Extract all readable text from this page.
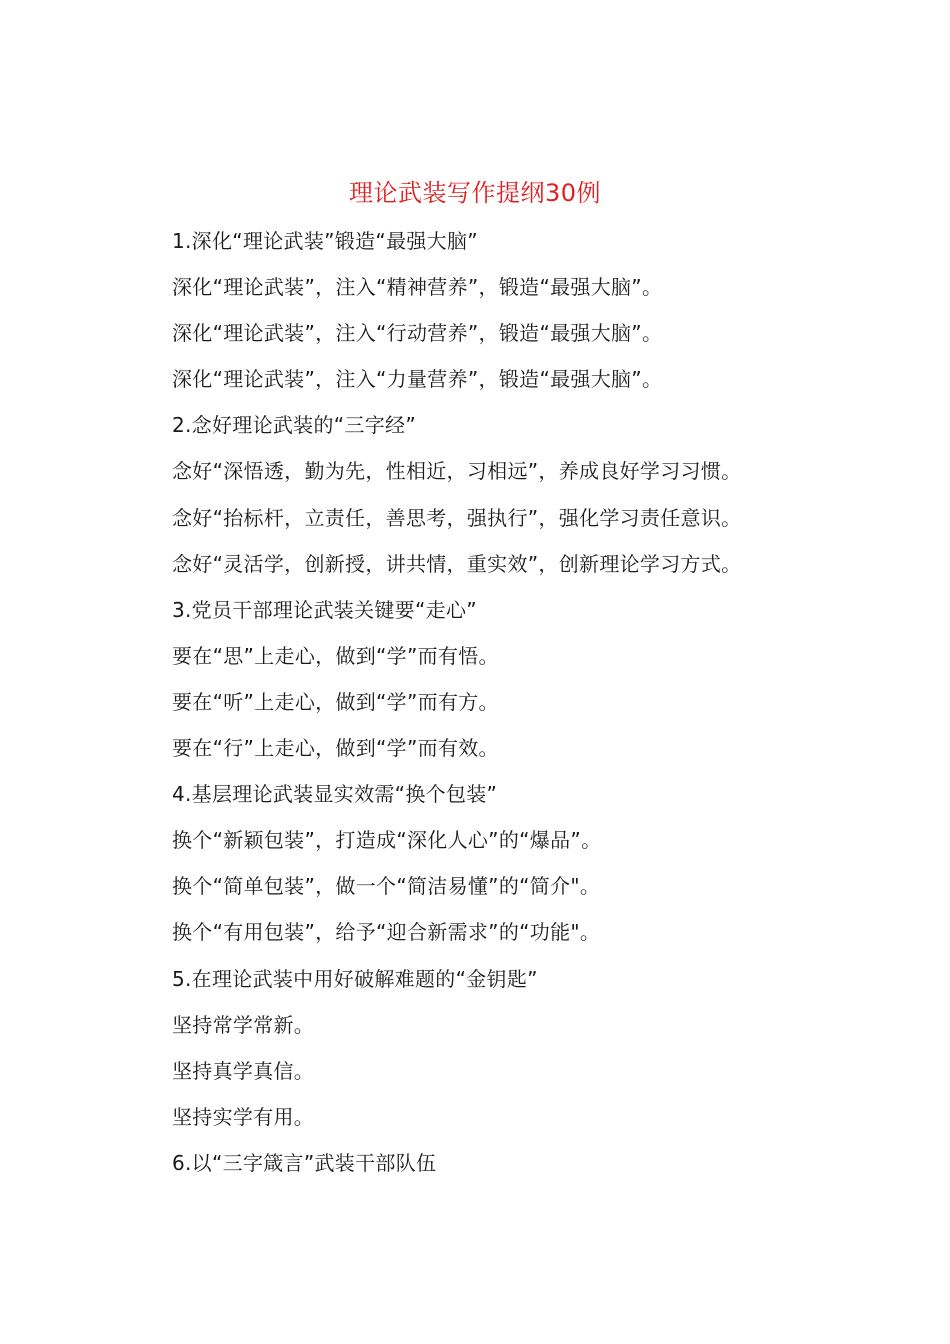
理论武装写作提纲30例
1.深化“理论武装”锻造“最强大脑”
深化“理论武装”，注入“精神营养”，锻造“最强大脑”。
深化“理论武装”，注入“行动营养”，锻造“最强大脑”。
深化“理论武装”，注入“力量营养”，锻造“最强大脑”。
2.念好理论武装的“三字经”
念好“深悟透，勤为先，性相近，习相远”，养成良好学习习惯。
念好“抬标杆，立责任，善思考，强执行”，强化学习责任意识。
念好“灵活学，创新授，讲共情，重实效”，创新理论学习方式。
3.党员干部理论武装关键要“走心”
要在“思”上走心，做到“学”而有悟。
要在“听”上走心，做到“学”而有方。
要在“行”上走心，做到“学”而有效。
4.基层理论武装显实效需“换个包装”
换个“新颖包装”，打造成“深化人心”的“爆品”。
换个“简单包装”，做一个“简洁易懂”的“简介"。
换个“有用包装”，给予“迎合新需求”的“功能"。
5.在理论武装中用好破解难题的“金钥匙”
坚持常学常新。
坚持真学真信。
坚持实学有用。
6.以“三字箴言”武装干部队伍
